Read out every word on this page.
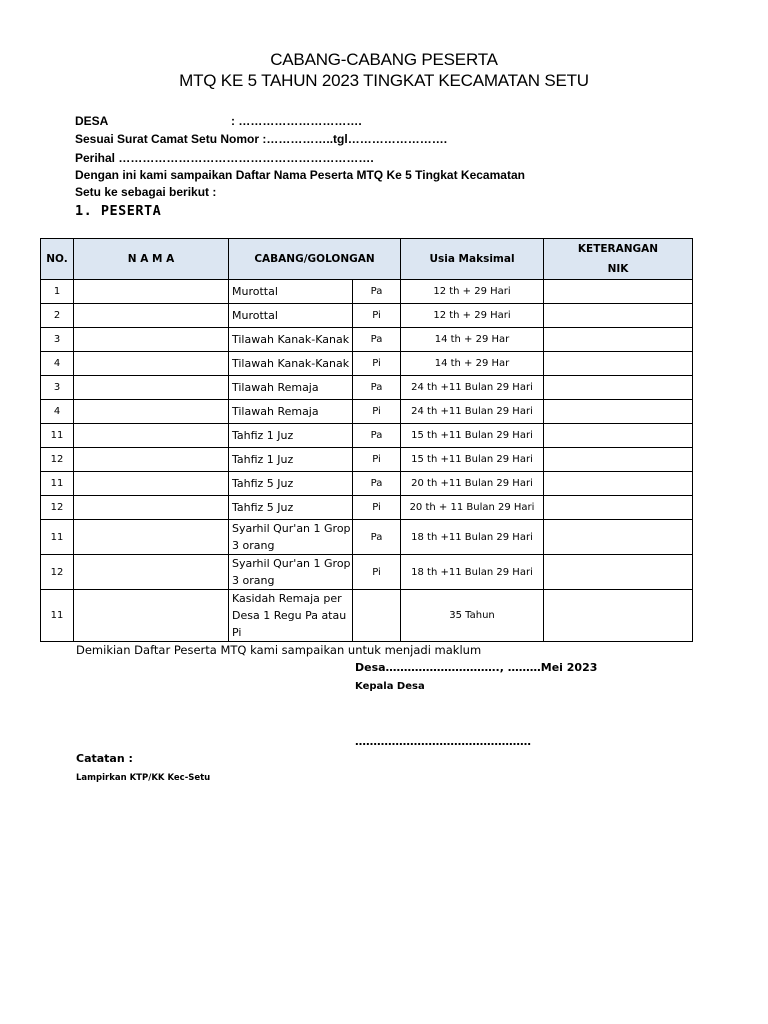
CABANG-CABANG PESERTA
MTQ KE 5 TAHUN 2023 TINGKAT KECAMATAN SETU
DESA	: ………………………….
Sesuai Surat Camat Setu Nomor :……………..tgl…………………….
Perihal ……………………………………………………….
Dengan ini kami sampaikan Daftar Nama Peserta MTQ Ke 5 Tingkat Kecamatan
Setu ke sebagai berikut :
1. PESERTA
NO.	N A M A	CABANG/GOLONGAN		Usia Maksimal	KETERANGAN
NIK

1		Murottal	Pa	12 th + 29 Hari	
2		Murottal	Pi	12 th + 29 Hari	
3		Tilawah Kanak-Kanak	Pa	14 th + 29 Har	
4		Tilawah Kanak-Kanak	Pi	14 th + 29 Har	
3		Tilawah Remaja	Pa	24 th +11 Bulan 29 Hari	
4		Tilawah Remaja	Pi	24 th +11 Bulan 29 Hari	
11		Tahfiz 1 Juz	Pa	15 th +11 Bulan 29 Hari	
12		Tahfiz 1 Juz	Pi	15 th +11 Bulan 29 Hari	
11		Tahfiz 5 Juz	Pa	20 th +11 Bulan 29 Hari	
12		Tahfiz 5 Juz	Pi	20 th + 11 Bulan 29 Hari	
11		Syarhil Qur'an 1 Grop 3 orang	Pa	18 th +11 Bulan 29 Hari	
12		Syarhil Qur'an 1 Grop 3 orang	Pi	18 th +11 Bulan 29 Hari	
11		Kasidah Remaja per Desa 1 Regu Pa atau Pi		35 Tahun	
Demikian Daftar Peserta MTQ kami sampaikan untuk menjadi maklum
Desa…………………………., ………Mei 2023
Kepala Desa
…………………………………………
Catatan :
Lampirkan KTP/KK Kec-Setu
